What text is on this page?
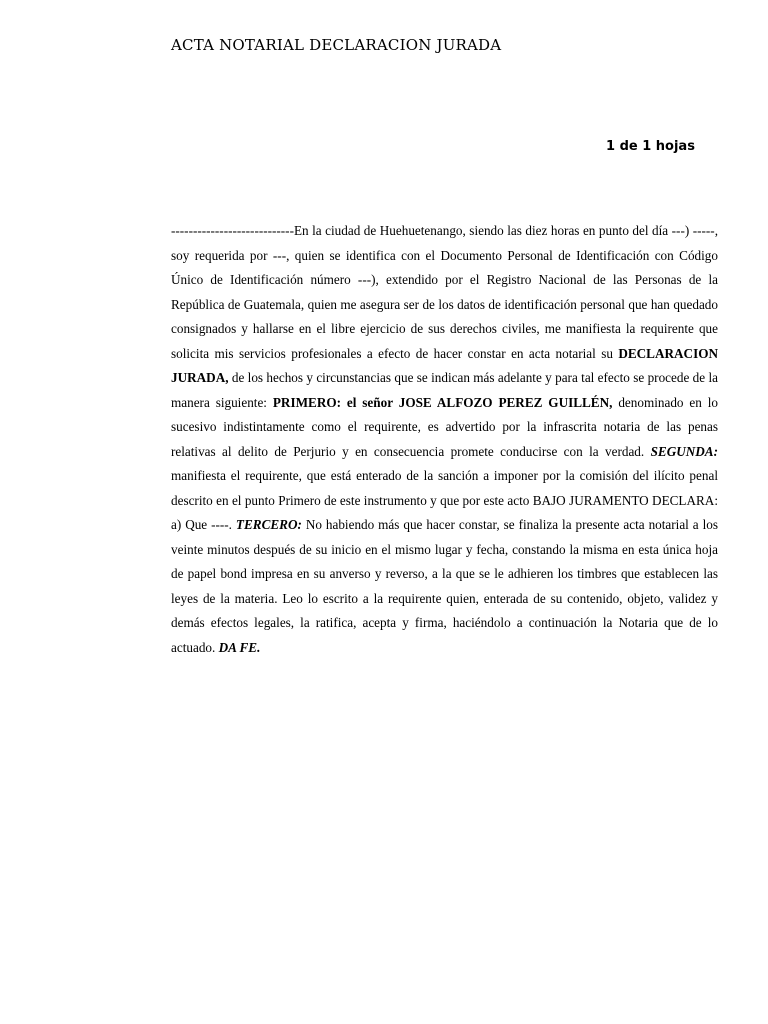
ACTA NOTARIAL DECLARACION JURADA
1 de 1 hojas

----------------------------En la ciudad de Huehuetenango, siendo las diez horas en punto del día ---) -----, soy requerida por ---, quien se identifica con el Documento Personal de Identificación con Código Único de Identificación número ---), extendido por el Registro Nacional de las Personas de la República de Guatemala, quien me asegura ser de los datos de identificación personal que han quedado consignados y hallarse en el libre ejercicio de sus derechos civiles, me manifiesta la requirente que solicita mis servicios profesionales a efecto de hacer constar en acta notarial su DECLARACION JURADA, de los hechos y circunstancias que se indican más adelante y para tal efecto se procede de la manera siguiente: PRIMERO: el señor JOSE ALFOZO PEREZ GUILLÉN, denominado en lo sucesivo indistintamente como el requirente, es advertido por la infrascrita notaria de las penas relativas al delito de Perjurio y en consecuencia promete conducirse con la verdad. SEGUNDA: manifiesta el requirente, que está enterado de la sanción a imponer por la comisión del ilícito penal descrito en el punto Primero de este instrumento y que por este acto BAJO JURAMENTO DECLARA: a) Que ----. TERCERO: No habiendo más que hacer constar, se finaliza la presente acta notarial a los veinte minutos después de su inicio en el mismo lugar y fecha, constando la misma en esta única hoja de papel bond impresa en su anverso y reverso, a la que se le adhieren los timbres que establecen las leyes de la materia. Leo lo escrito a la requirente quien, enterada de su contenido, objeto, validez y demás efectos legales, la ratifica, acepta y firma, haciéndolo a continuación la Notaria que de lo actuado. DA FE.
